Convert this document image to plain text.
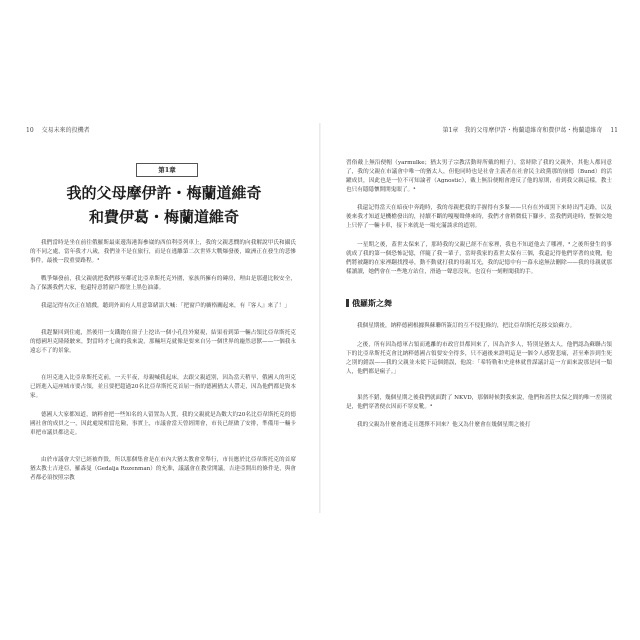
10 交易未來的投機者
第1章
我的父母摩伊許・梅蘭道維奇
和費伊葛・梅蘭道維奇

我們當時是坐在前往俄羅斯最東邊海港海參崴的西伯利亞列車上，我的父親悲憫的向我解說甲氏和攝氏的不同之處，當年我才八歲，我們並不是在旅行，而是在逃離第二次世界大戰爆發後，歐洲正在發生的悲慘事件，最後一段重要路程。³

戰爭爆發前，我父親就把我們移至鄰近比亞韋斯托克外圍，家族所擁有的磚房，理由是那邊比較安全，為了保護我們大家，他還特意將窗戶都塗上黑色油漆。

我還記得有次正在嬉戲，聽到外面有人用意第緒語大喊：「把窗戶的櫥格關起來，有『客人』來了！」

我趕緊回到住處，然後用一支鐵鉋在窗子上挖出一個小孔往外窺視，結果看到第一輛占領比亞韋斯托克的德國坦克隆隆駛來，對當時才七歲的我來說，那輛坦克就像是要來自另一個世界的龐然惡獸——一個我永遠忘不了的景象。

在坦克進入比亞韋斯托克前，一天半夜，母親喊我起床，去跟父親道別，因為當天稍早，俄國人的坦克已經進入這座城市要占領，並且要把超過20名比亞韋斯托克首屈一指的德國猶太人帶走，因為他們都是資本家。

德國人大家都知道，納粹會把一些知名的人留置為人質，我的父親就是為數大約20名比亞韋斯托克的德國社會的成員之一，因此處境相當危險，事實上，市議會當天曾經開會，市長已經做了安排，準備用一輛卡車把市議員都送走。

由於市議會大堂已經被炸毀，所以那個集會是在市內大猶太教會堂舉行，市長應於比亞韋斯托克的首席猶太教士吉達亞，羅森曼（Gedalja Rozenman）的允准，議議會在教堂開議，吉達亞開出的條件是，與會者都必須按照宗教

第1章　我的父母摩伊許・梅蘭道維奇和費伊葛・梅蘭道維奇 11

習俗戴上無沿便帽（yarmulke；猶太男子宗教活動時所戴的帽子），當時除了我的父親外，其他人都同意了，我的父親在市議會中唯一的猶太人，但他同時也是社會主義者在社會民主政黨那的崩德（Bund）的活躍成員，因此也是一位不可知論者（Agnostic），戴上無沿便帽會違反了他的原則，看到我父親這樣，教士也只有隱隱懷開開鬼眼了。⁴

我還記得當天在暗夜中奔跑時，我的母親把我的手握得有多緊——只有在外頭黑下來時出門走路，以及後來我才知道是機槍發出的，持續不斷的嘎嘎聲傳來時，我們才會稍微低下腳步，當我們到達時，整個交地上只停了一輛卡車，接下來就是一場充滿談求的道別。

一星期之後，蓋世太保來了，那時我的父親已經不在家裡，我也不知道他去了哪裡，³ 之後所發生的事就成了我的第一個恐怖記憶，伴隨了我一輩子，當時我家的蓋世太保有三個，我還記得他們穿著的皮靴，他們將被翻的在家裡翻找搜尋，動不動就打我的母親耳光，我的記憶中有一幕永遠無法刪除——我的母親就那樣讀讀，她們會在一些地方站住，滑過一聲惡沒吭，也沒有一刻輕聞我的手。

俄羅斯之舞

我個星期後，納粹德國根據與蘇聯所簽訂的互不侵犯條約，把比亞韋斯托克移交給蘇方。

之後，所有因為德軍占領而逃離的市政官員都回來了，因為許多人，特別是猶太人，他們認為蘇聯占領下的比亞韋斯托克會比納粹德國占領要安全得多，只不過後來證明這是一個令人感覺悲痛，甚至牽涉到生死之別的錯誤——我的父親並未從下這個錯誤，他說：「希特勒和史達林就曾謀議計這一方面來說那是同一類人，他們都是瘋子。」

果然不錯，幾個星期之後我們就面對了 NKVD，那個時候對我來說，他們和蓋世太保之間的唯一差別就是，他們穿著便衣因而不穿皮靴。⁴

我的父親為什麼會逃走且選擇不回來？他又為什麼會在幾個星期之後打
